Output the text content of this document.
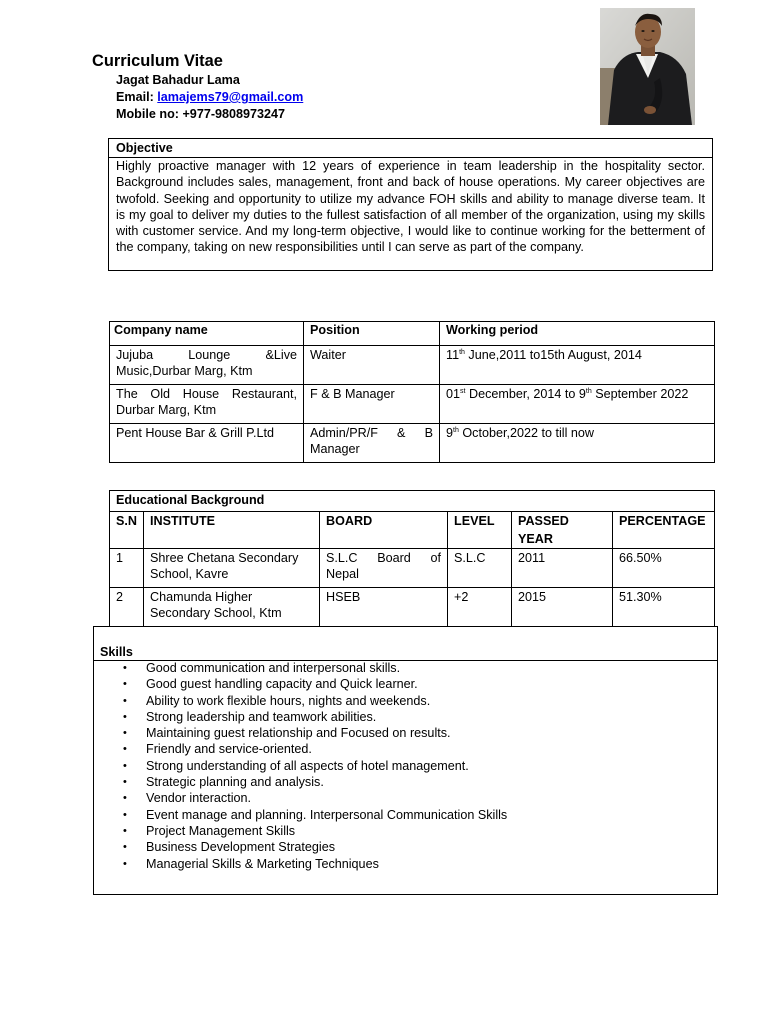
Curriculum Vitae
Jagat Bahadur Lama
Email: lamajems79@gmail.com
Mobile no: +977-9808973247
Objective
Highly proactive manager with 12 years of experience in team leadership in the hospitality sector. Background includes sales, management, front and back of house operations. My career objectives are twofold. Seeking and opportunity to utilize my advance FOH skills and ability to manage diverse team. It is my goal to deliver my duties to the fullest satisfaction of all member of the organization, using my skills with customer service. And my long-term objective, I would like to continue working for the betterment of the company, taking on new responsibilities until I can serve as part of the company.
Company name	Position	Working period
Jujuba Lounge &Live Music,Durbar Marg, Ktm	Waiter	11th June,2011 to15th August, 2014
The Old House Restaurant, Durbar Marg, Ktm	F & B Manager	01st December, 2014 to 9th September 2022
Pent House Bar & Grill P.Ltd	Admin/PR/F & B Manager	9th October,2022 to till now
Educational Background					
S.N	INSTITUTE	BOARD	LEVEL	PASSED YEAR	PERCENTAGE
1	Shree Chetana Secondary School, Kavre	S.L.C Board of Nepal	S.L.C	2011	66.50%
2	Chamunda Higher Secondary School, Ktm	HSEB	+2	2015	51.30%
Skills
• Good communication and interpersonal skills.
• Good guest handling capacity and Quick learner.
• Ability to work flexible hours, nights and weekends.
• Strong leadership and teamwork abilities.
• Maintaining guest relationship and Focused on results.
• Friendly and service-oriented.
• Strong understanding of all aspects of hotel management.
• Strategic planning and analysis.
• Vendor interaction.
• Event manage and planning. Interpersonal Communication Skills
• Project Management Skills
• Business Development Strategies
• Managerial Skills & Marketing Techniques
